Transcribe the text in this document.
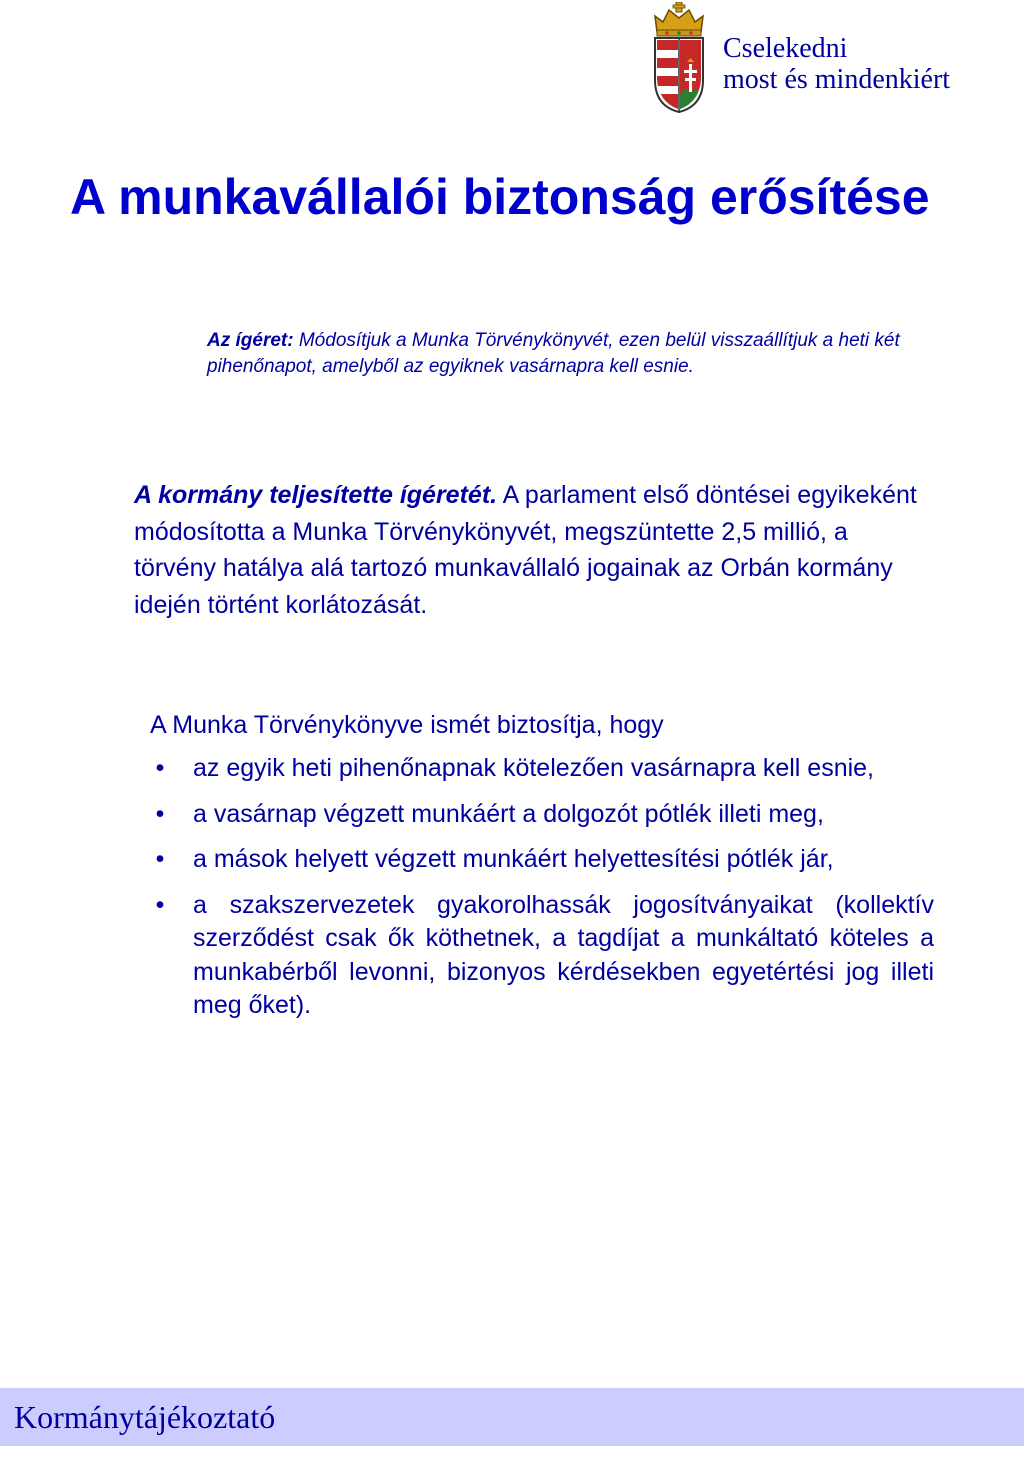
Cselekedni
most és mindenkiért
A munkavállalói biztonság erősítése
Az ígéret: Módosítjuk a Munka Törvénykönyvét, ezen belül visszaállítjuk a heti két pihenőnapot, amelyből az egyiknek vasárnapra kell esnie.
A kormány teljesítette ígéretét. A parlament első döntései egyikeként módosította a Munka Törvénykönyvét, megszüntette 2,5 millió, a törvény hatálya alá tartozó munkavállaló jogainak az Orbán kormány idején történt korlátozását.
A Munka Törvénykönyve ismét biztosítja, hogy
• az egyik heti pihenőnapnak kötelezően vasárnapra kell esnie,
• a vasárnap végzett munkáért a dolgozót pótlék illeti meg,
• a mások helyett végzett munkáért helyettesítési pótlék jár,
• a szakszervezetek gyakorolhassák jogosítványaikat (kollektív szerződést csak ők köthetnek, a tagdíjat a munkáltató köteles a munkabérből levonni, bizonyos kérdésekben egyetértési jog illeti meg őket).
Kormánytájékoztató
